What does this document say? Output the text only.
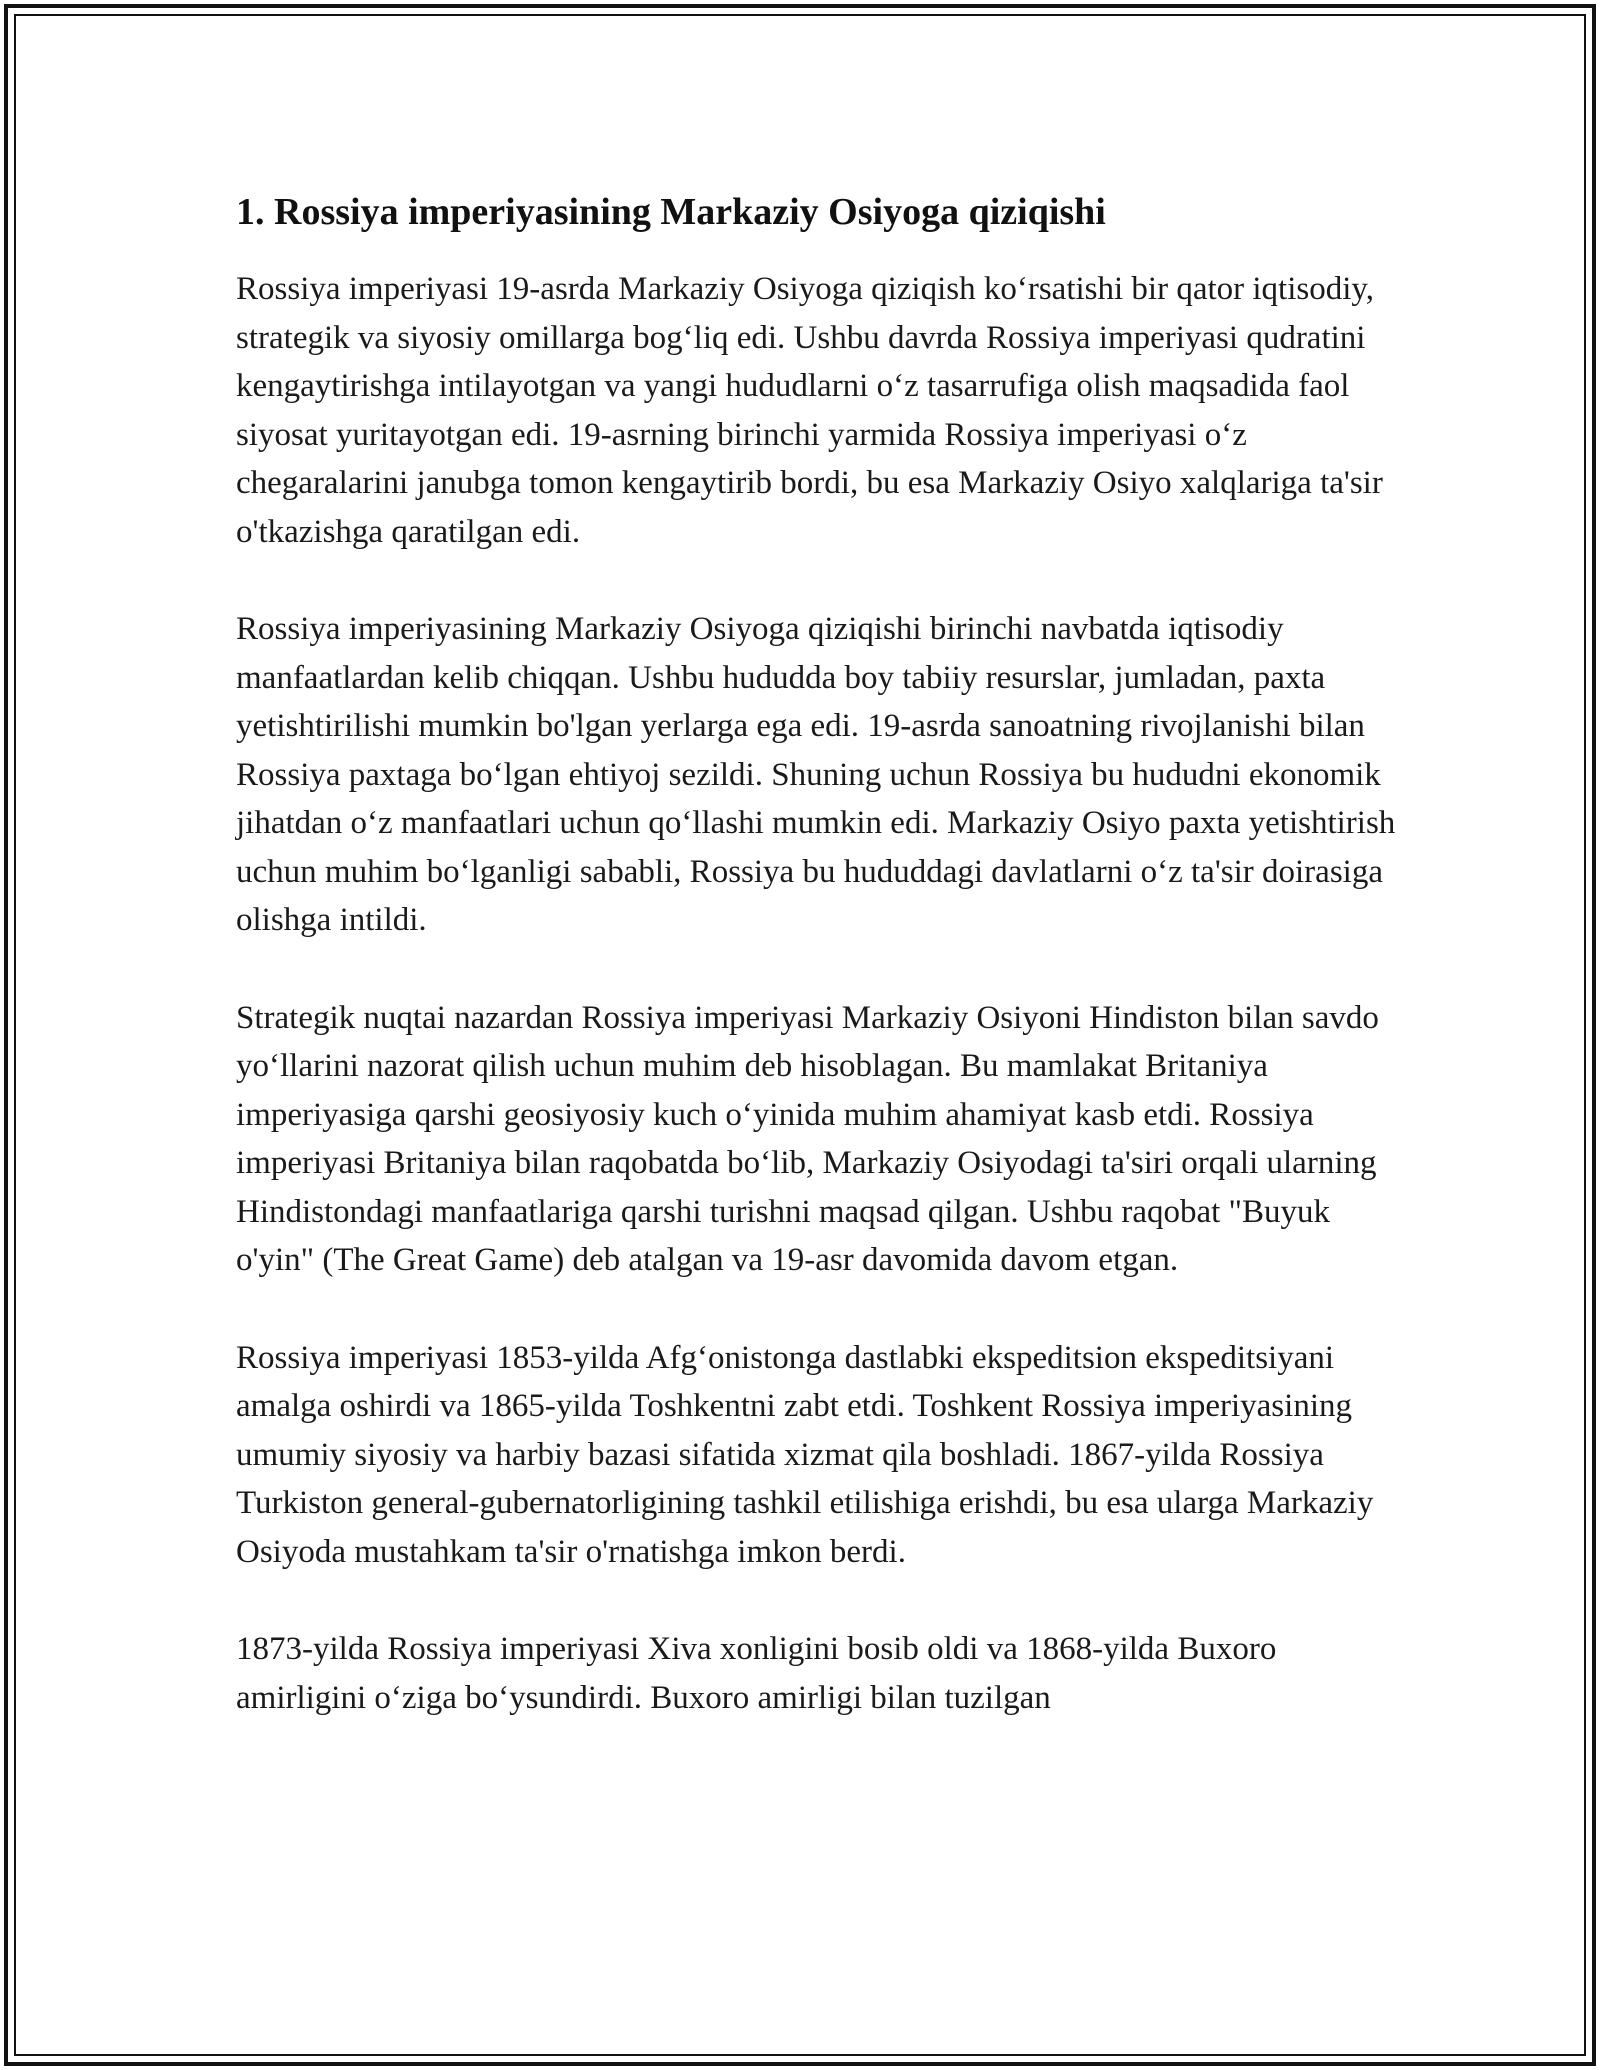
1. Rossiya imperiyasining Markaziy Osiyoga qiziqishi

Rossiya imperiyasi 19-asrda Markaziy Osiyoga qiziqish ko‘rsatishi bir qator iqtisodiy, strategik va siyosiy omillarga bog‘liq edi. Ushbu davrda Rossiya imperiyasi qudratini kengaytirishga intilayotgan va yangi hududlarni o‘z tasarrufiga olish maqsadida faol siyosat yuritayotgan edi. 19-asrning birinchi yarmida Rossiya imperiyasi o‘z chegaralarini janubga tomon kengaytirib bordi, bu esa Markaziy Osiyo xalqlariga ta'sir o'tkazishga qaratilgan edi.

Rossiya imperiyasining Markaziy Osiyoga qiziqishi birinchi navbatda iqtisodiy manfaatlardan kelib chiqqan. Ushbu hududda boy tabiiy resurslar, jumladan, paxta yetishtirilishi mumkin bo'lgan yerlarga ega edi. 19-asrda sanoatning rivojlanishi bilan Rossiya paxtaga bo‘lgan ehtiyoj sezildi. Shuning uchun Rossiya bu hududni ekonomik jihatdan o‘z manfaatlari uchun qo‘llashi mumkin edi. Markaziy Osiyo paxta yetishtirish uchun muhim bo‘lganligi sababli, Rossiya bu hududdagi davlatlarni o‘z ta'sir doirasiga olishga intildi.

Strategik nuqtai nazardan Rossiya imperiyasi Markaziy Osiyoni Hindiston bilan savdo yo‘llarini nazorat qilish uchun muhim deb hisoblagan. Bu mamlakat Britaniya imperiyasiga qarshi geosiyosiy kuch o‘yinida muhim ahamiyat kasb etdi. Rossiya imperiyasi Britaniya bilan raqobatda bo‘lib, Markaziy Osiyodagi ta'siri orqali ularning Hindistondagi manfaatlariga qarshi turishni maqsad qilgan. Ushbu raqobat "Buyuk o'yin" (The Great Game) deb atalgan va 19-asr davomida davom etgan.

Rossiya imperiyasi 1853-yilda Afg‘onistonga dastlabki ekspeditsion ekspeditsiyani amalga oshirdi va 1865-yilda Toshkentni zabt etdi. Toshkent Rossiya imperiyasining umumiy siyosiy va harbiy bazasi sifatida xizmat qila boshladi. 1867-yilda Rossiya Turkiston general-gubernatorligining tashkil etilishiga erishdi, bu esa ularga Markaziy Osiyoda mustahkam ta'sir o'rnatishga imkon berdi.

1873-yilda Rossiya imperiyasi Xiva xonligini bosib oldi va 1868-yilda Buxoro amirligini o‘ziga bo‘ysundirdi. Buxoro amirligi bilan tuzilgan
